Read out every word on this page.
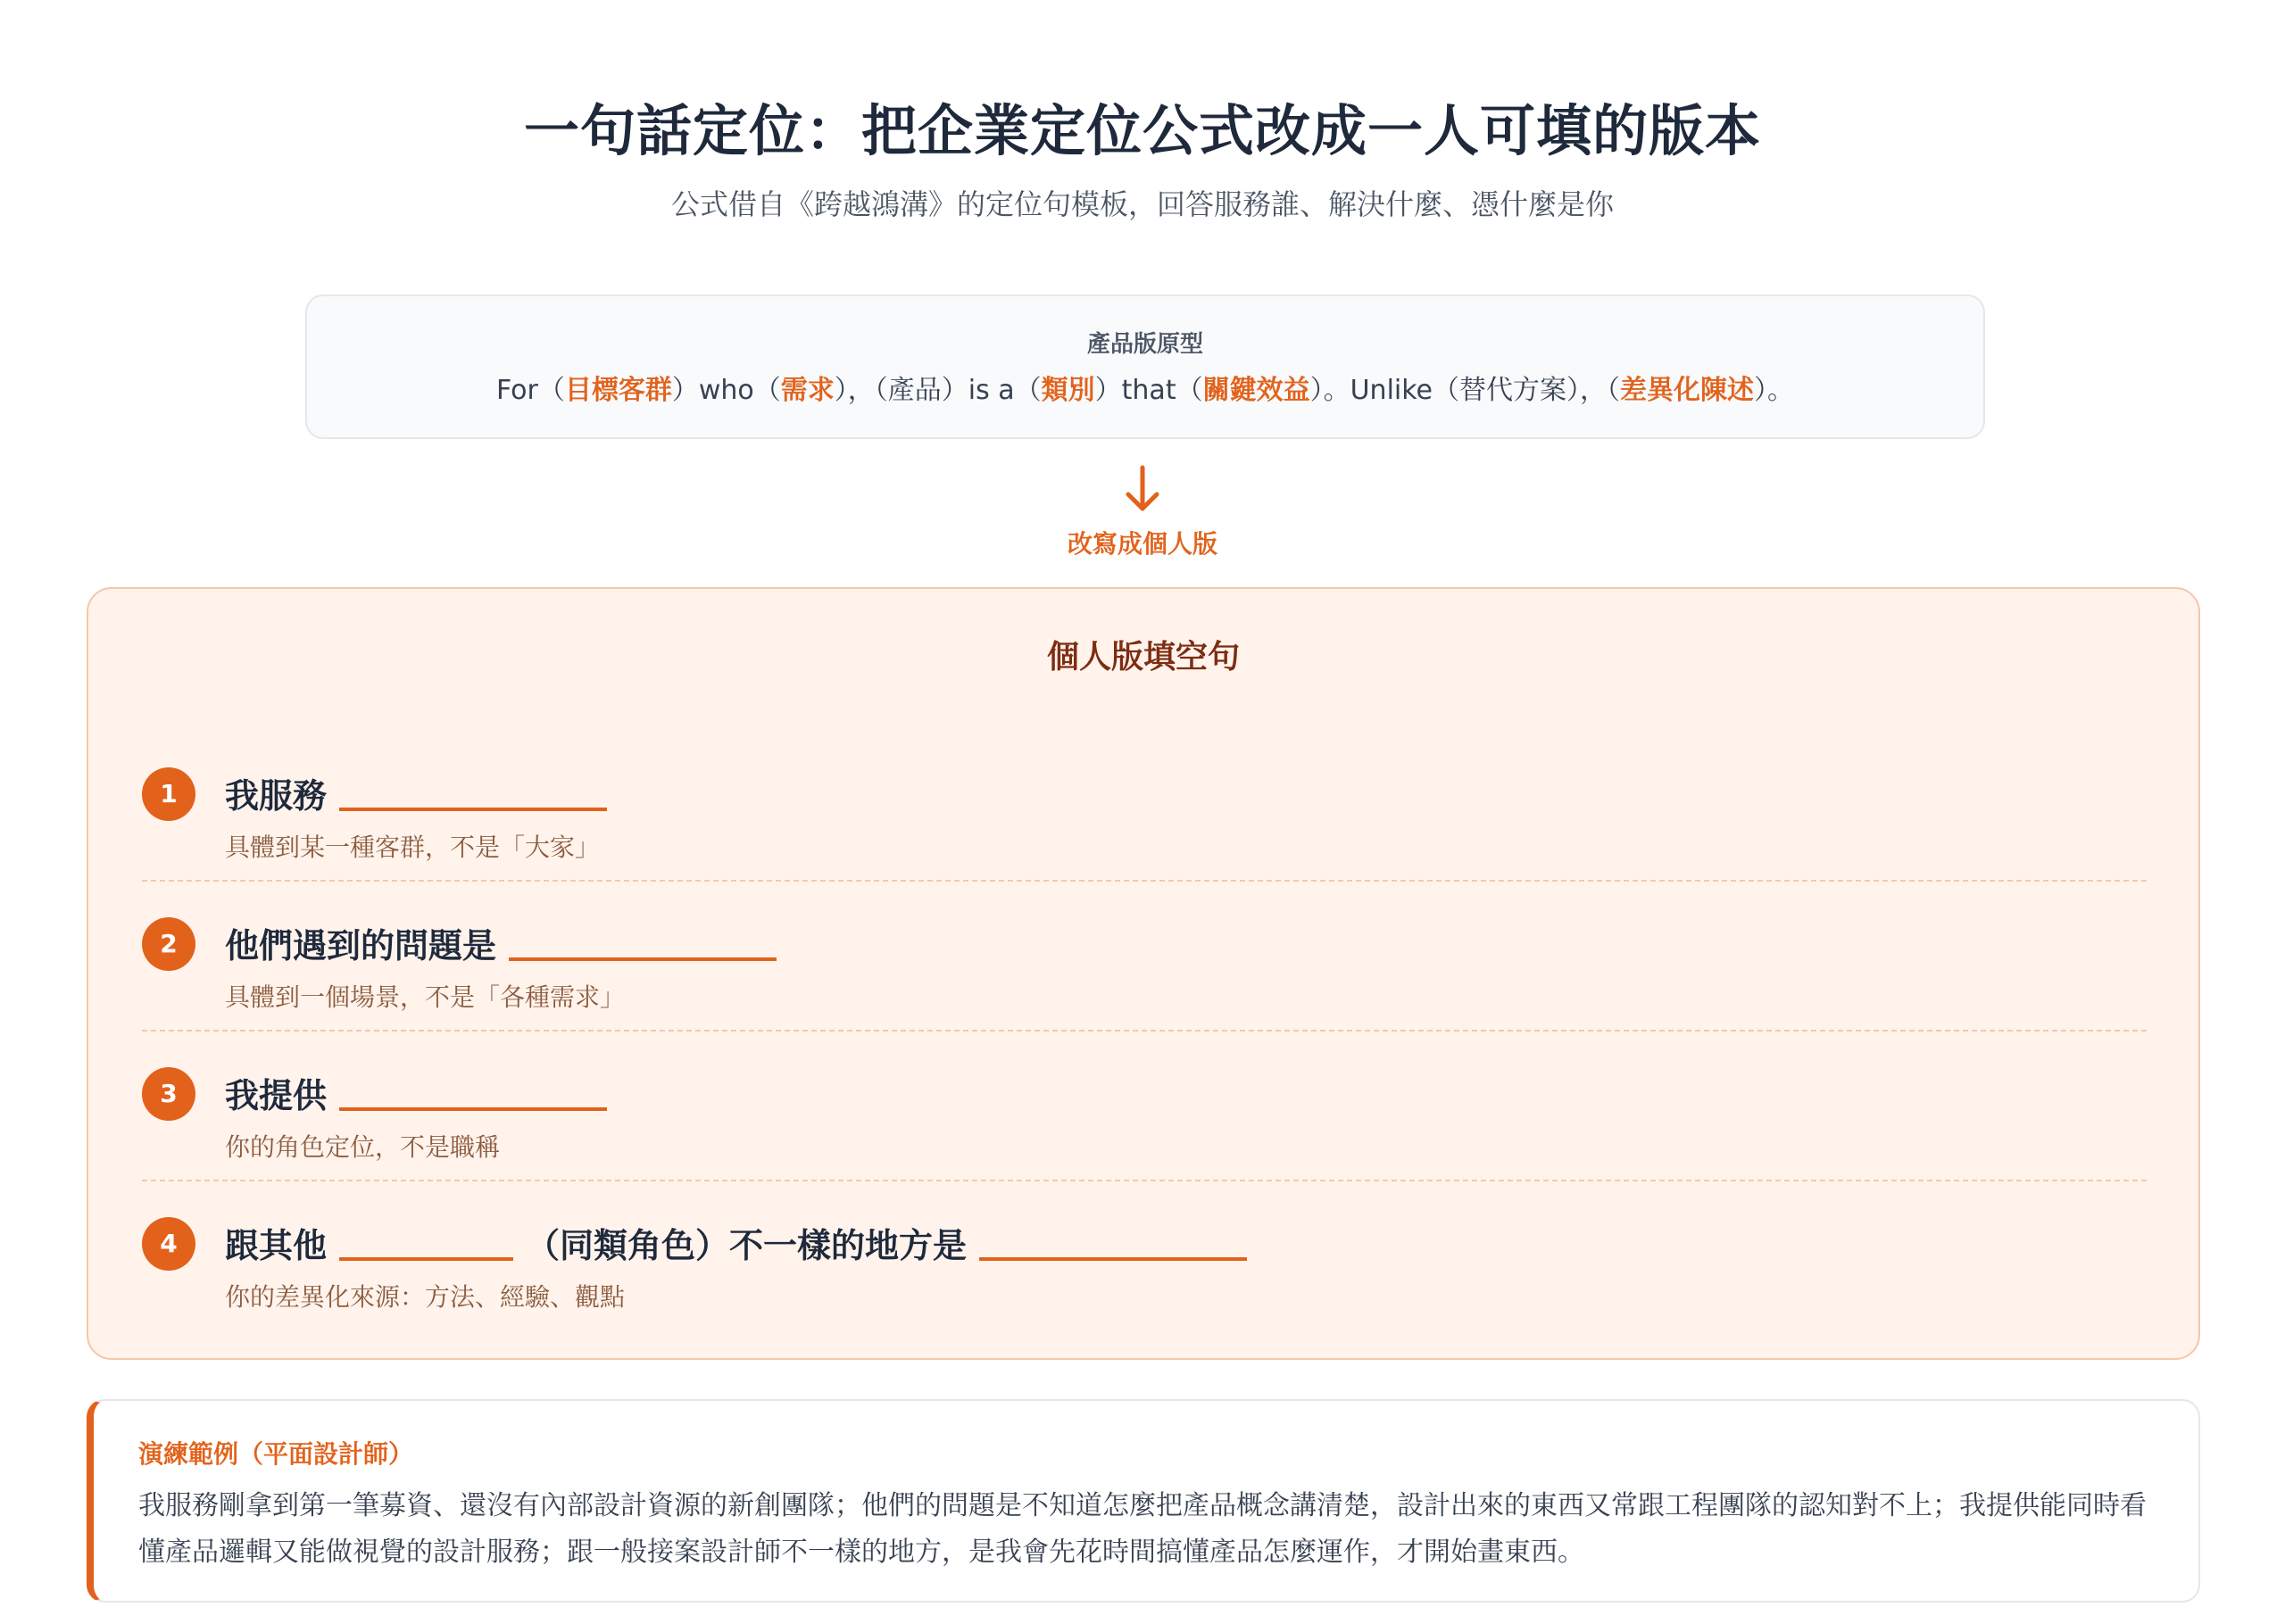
一句話定位：把企業定位公式改成一人可填的版本

公式借自《跨越鴻溝》的定位句模板，回答服務誰、解決什麼、憑什麼是你

產品版原型
For（目標客群）who（需求），（產品）is a（類別）that（關鍵效益）。Unlike（替代方案），（差異化陳述）。
改寫成個人版
個人版填空句
1	我服務
具體到某一種客群，不是「大家」
2	他們遇到的問題是
具體到一個場景，不是「各種需求」
3	我提供
你的角色定位，不是職稱
4	跟其他	（同類角色）不一樣的地方是
你的差異化來源：方法、經驗、觀點
演練範例（平面設計師）

我服務剛拿到第一筆募資、還沒有內部設計資源的新創團隊；他們的問題是不知道怎麼把產品概念講清楚，設計出來的東西又常跟工程團隊的認知對不上；我提供能同時看懂產品邏輯又能做視覺的設計服務；跟一般接案設計師不一樣的地方，是我會先花時間搞懂產品怎麼運作，才開始畫東西。
